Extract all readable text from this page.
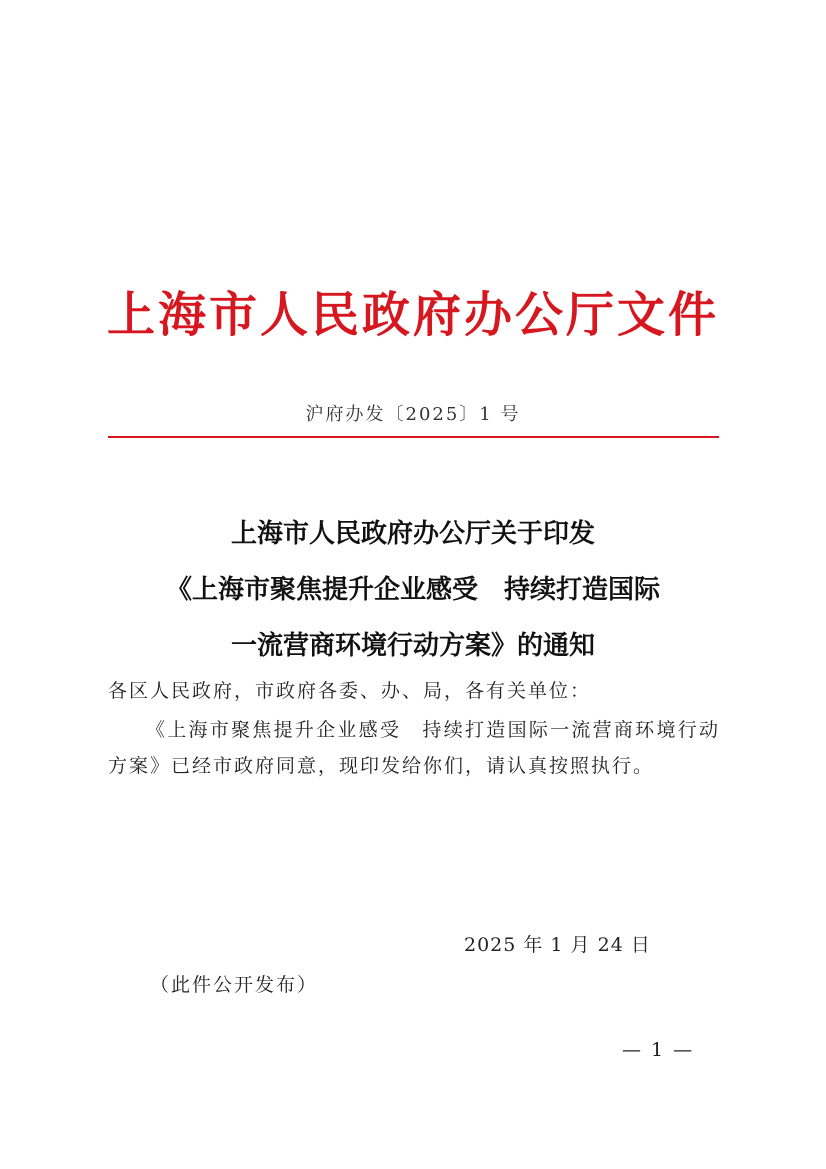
上海市人民政府办公厅文件
沪府办发〔2025〕1 号
上海市人民政府办公厅关于印发
《上海市聚焦提升企业感受　持续打造国际
一流营商环境行动方案》的通知
各区人民政府，市政府各委、办、局，各有关单位：
《上海市聚焦提升企业感受　持续打造国际一流营商环境行动方案》已经市政府同意，现印发给你们，请认真按照执行。
2025 年 1 月 24 日
（此件公开发布）
— 1 —
